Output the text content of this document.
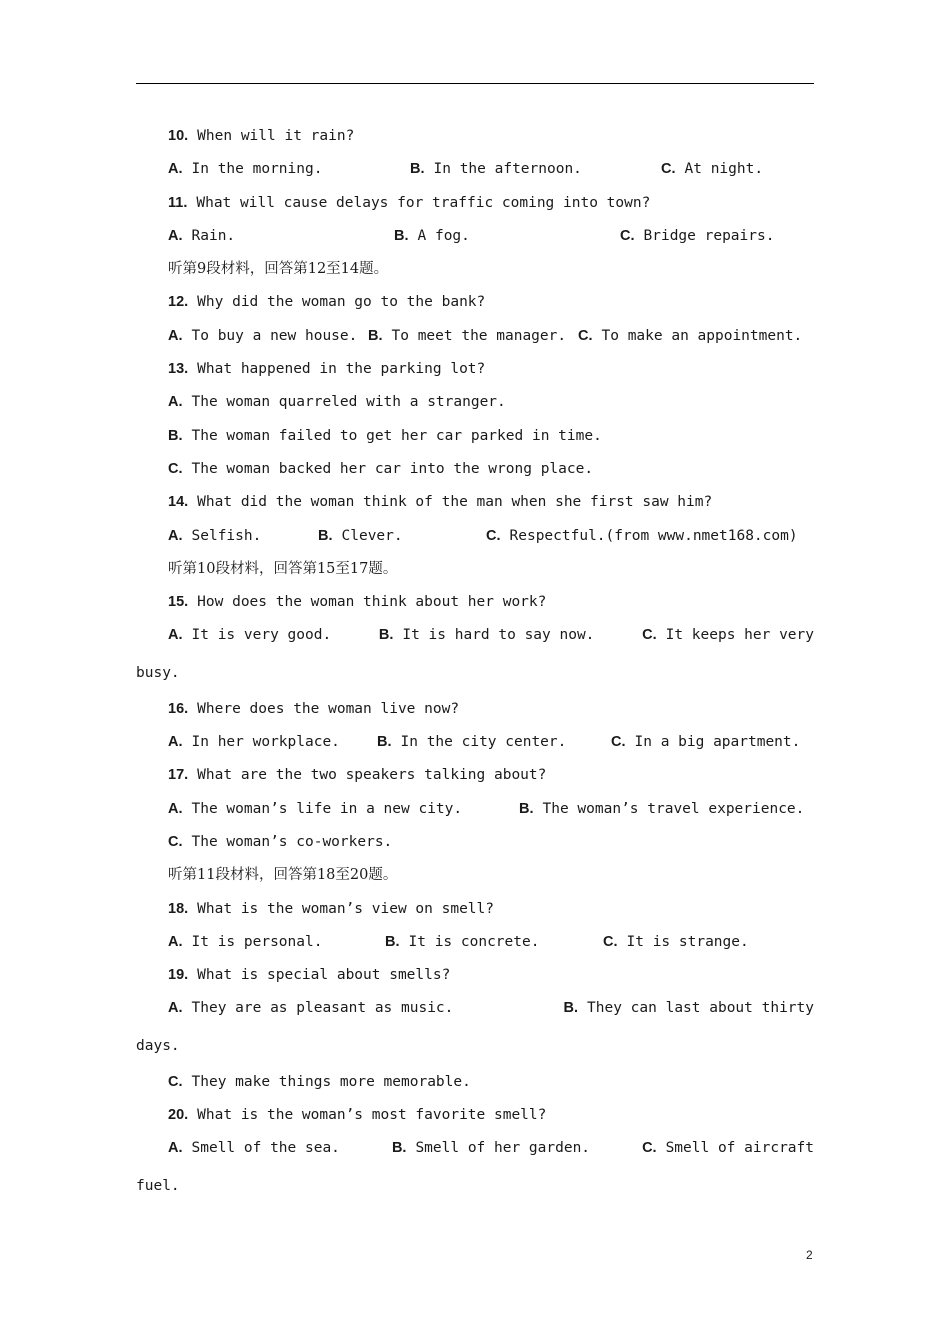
10. When will it rain?
A. In the morning.	B. In the afternoon.	C. At night.
11. What will cause delays for traffic coming into town?
A. Rain.	B. A fog.	C. Bridge repairs.
听第9段材料，回答第12至14题。
12. Why did the woman go to the bank?
A. To buy a new house. B. To meet the manager. C. To make an appointment.
13. What happened in the parking lot?
A. The woman quarreled with a stranger.
B. The woman failed to get her car parked in time.
C. The woman backed her car into the wrong place.
14. What did the woman think of the man when she first saw him?
A. Selfish.	B. Clever.	C. Respectful.(from www.nmet168.com)
听第10段材料，回答第15至17题。
15. How does the woman think about her work?
A. It is very good.	B. It is hard to say now.	C. It keeps her very
busy.
16. Where does the woman live now?
A. In her workplace.	B. In the city center.	C. In a big apartment.
17. What are the two speakers talking about?
A. The woman’s life in a new city.	B. The woman’s travel experience.
C. The woman’s co-workers.
听第11段材料，回答第18至20题。
18. What is the woman’s view on smell?
A. It is personal.	B. It is concrete.	C. It is strange.
19. What is special about smells?
A. They are as pleasant as music.	B. They can last about thirty
days.
C. They make things more memorable.
20. What is the woman’s most favorite smell?
A. Smell of the sea.	B. Smell of her garden.	C. Smell of aircraft
fuel.
2
